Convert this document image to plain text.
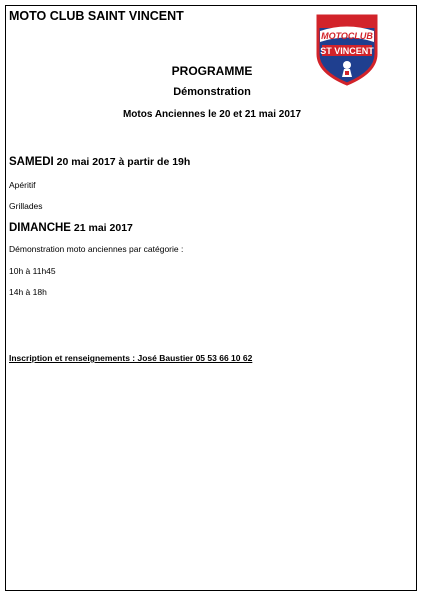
MOTO CLUB SAINT VINCENT
MOTOCLUB
ST VINCENT
PROGRAMME
Démonstration
Motos Anciennes le 20 et 21 mai 2017
SAMEDI 20 mai 2017 à partir de 19h
Apéritif
Grillades
DIMANCHE 21 mai 2017
Démonstration moto anciennes par catégorie :
10h à 11h45
14h à 18h
Inscription et renseignements : José Baustier 05 53 66 10 62
